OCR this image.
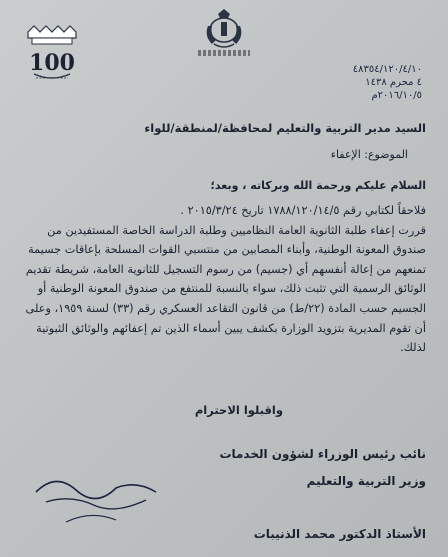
100	٤٨٣٥٤/١٢٠/٤/١٠
٤ محرم ١٤٣٨
٢٠١٦/١٠/٥م
السيد مدير التربية والتعليم لمحافظة/لمنطقة/للواء
الموضوع: الإعفاء
السلام عليكم ورحمة الله وبركاته ، وبعد؛
فلاحقاً لكتابي رقم ١٧٨٨/١٢٠/١٤/٥ تاريخ ٢٠١٥/٣/٢٤ .
قررت إعفاء طلبة الثانوية العامة النظاميين وطلبة الدراسة الخاصة المستفيدين من
صندوق المعونة الوطنية، وأبناء المصابين من منتسبي القوات المسلحة بإعاقات جسيمة
تمنعهم من إعالة أنفسهم أي (جسيم) من رسوم التسجيل للثانوية العامة، شريطة تقديم
الوثائق الرسمية التي تثبت ذلك، سواء بالنسبة للمنتفع من صندوق المعونة الوطنية أو
الجسيم حسب المادة (٢٢/ط) من قانون التقاعد العسكري رقم (٣٣) لسنة ١٩٥٩، وعلى
أن تقوم المديرية بتزويد الوزارة بكشف يبين أسماء الذين تم إعفائهم والوثائق الثبوتية
لذلك.
واقبلوا الاحترام
نائب رئيس الوزراء لشؤون الخدمات
وزير التربية والتعليم
الأستاذ الدكتور محمد الذنيبات
